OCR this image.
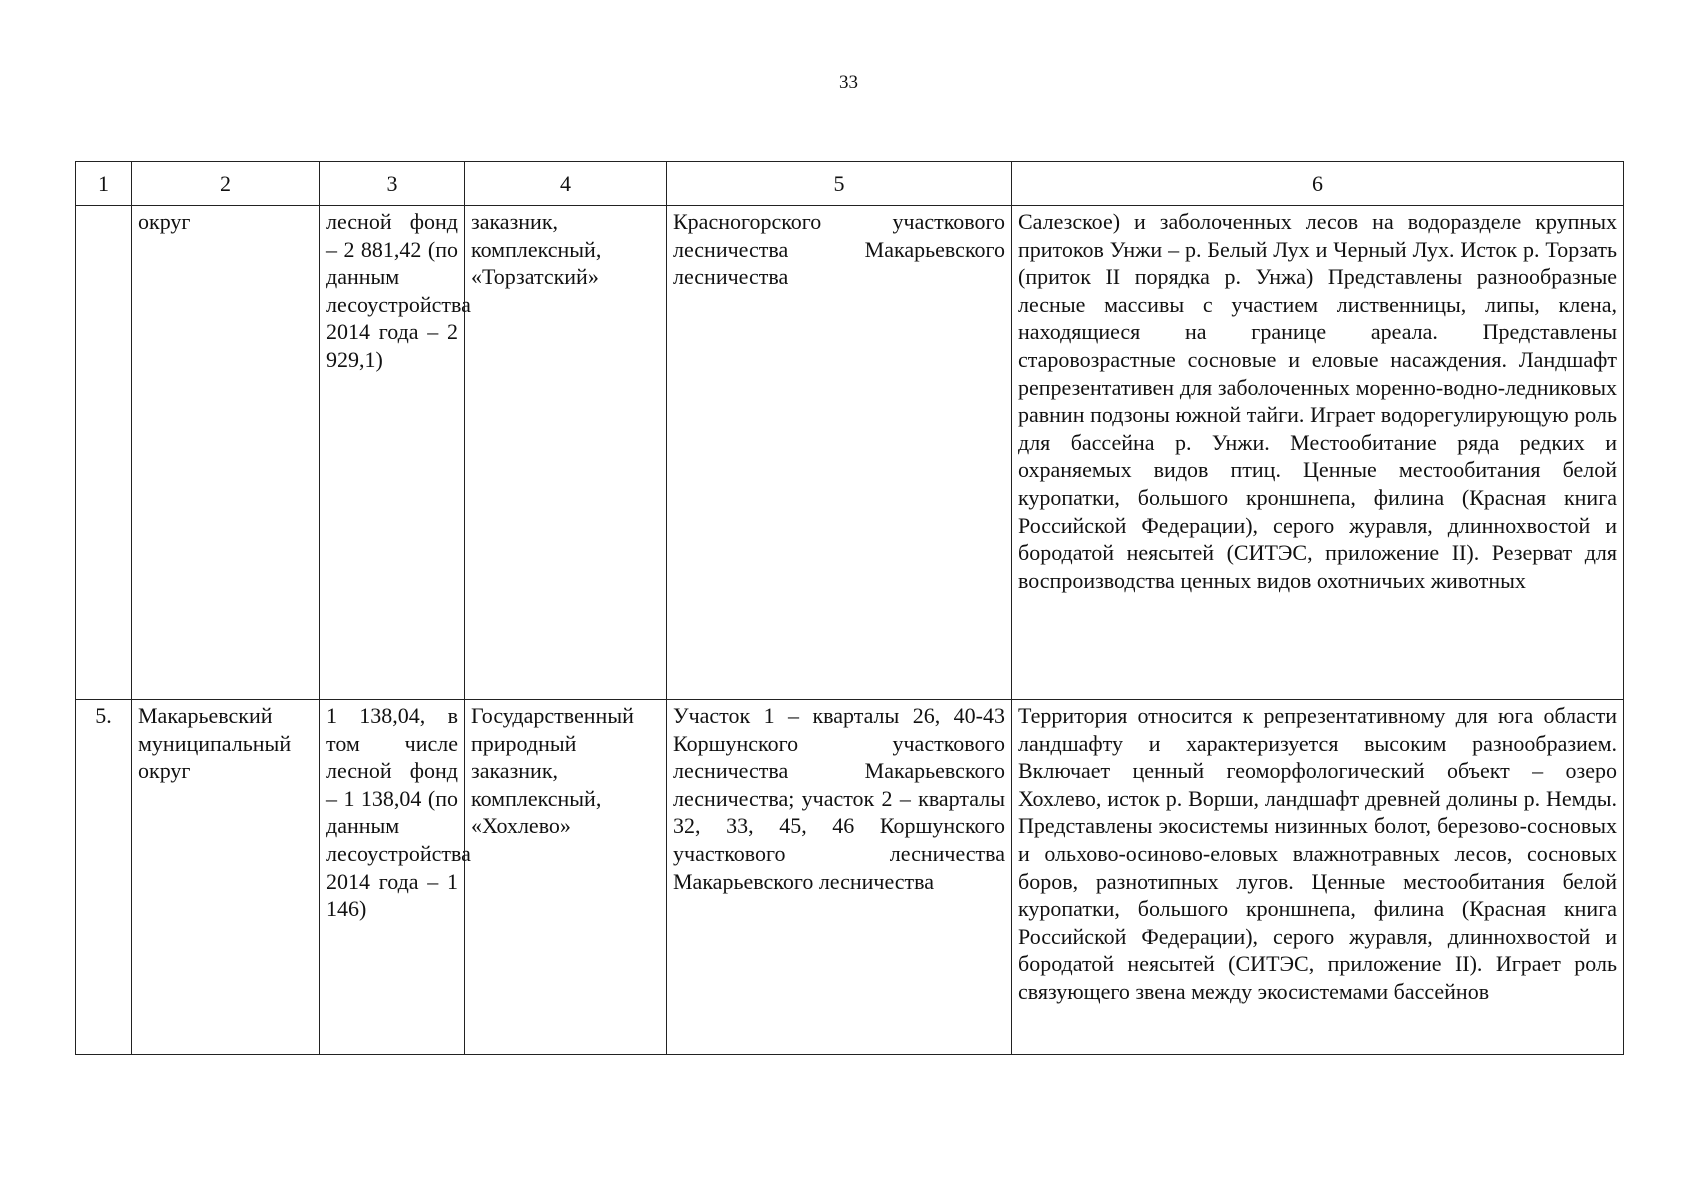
33
1	2	3	4	5	6
	округ	лесной фонд – 2 881,42 (по данным лесоустройства 2014 года – 2 929,1)	заказник, комплексный, «Торзатский»	Красногорского участкового лесничества Макарьевского лесничества	Салезское) и заболоченных лесов на водоразделе крупных притоков Унжи – р. Белый Лух и Черный Лух. Исток р. Торзать (приток II порядка р. Унжа) Представлены разнообразные лесные массивы с участием лиственницы, липы, клена, находящиеся на границе ареала. Представлены старовозрастные сосновые и еловые насаждения. Ландшафт репрезентативен для заболоченных моренно-водно-ледниковых равнин подзоны южной тайги. Играет водорегулирующую роль для бассейна р. Унжи. Местообитание ряда редких и охраняемых видов птиц. Ценные местообитания белой куропатки, большого кроншнепа, филина (Красная книга Российской Федерации), серого журавля, длиннохвостой и бородатой неясытей (СИТЭС, приложение II). Резерват для воспроизводства ценных видов охотничьих животных
5.	Макарьевский муниципальный округ	1 138,04, в том числе лесной фонд – 1 138,04 (по данным лесоустройства 2014 года – 1 146)	Государственный природный заказник, комплексный, «Хохлево»	Участок 1 – кварталы 26, 40-43 Коршунского участкового лесничества Макарьевского лесничества; участок 2 – кварталы 32, 33, 45, 46 Коршунского участкового лесничества Макарьевского лесничества	Территория относится к репрезентативному для юга области ландшафту и характеризуется высоким разнообразием. Включает ценный геоморфологический объект – озеро Хохлево, исток р. Ворши, ландшафт древней долины р. Немды. Представлены экосистемы низинных болот, березово-сосновых и ольхово-осиново-еловых влажнотравных лесов, сосновых боров, разнотипных лугов. Ценные местообитания белой куропатки, большого кроншнепа, филина (Красная книга Российской Федерации), серого журавля, длиннохвостой и бородатой неясытей (СИТЭС, приложение II). Играет роль связующего звена между экосистемами бассейнов
